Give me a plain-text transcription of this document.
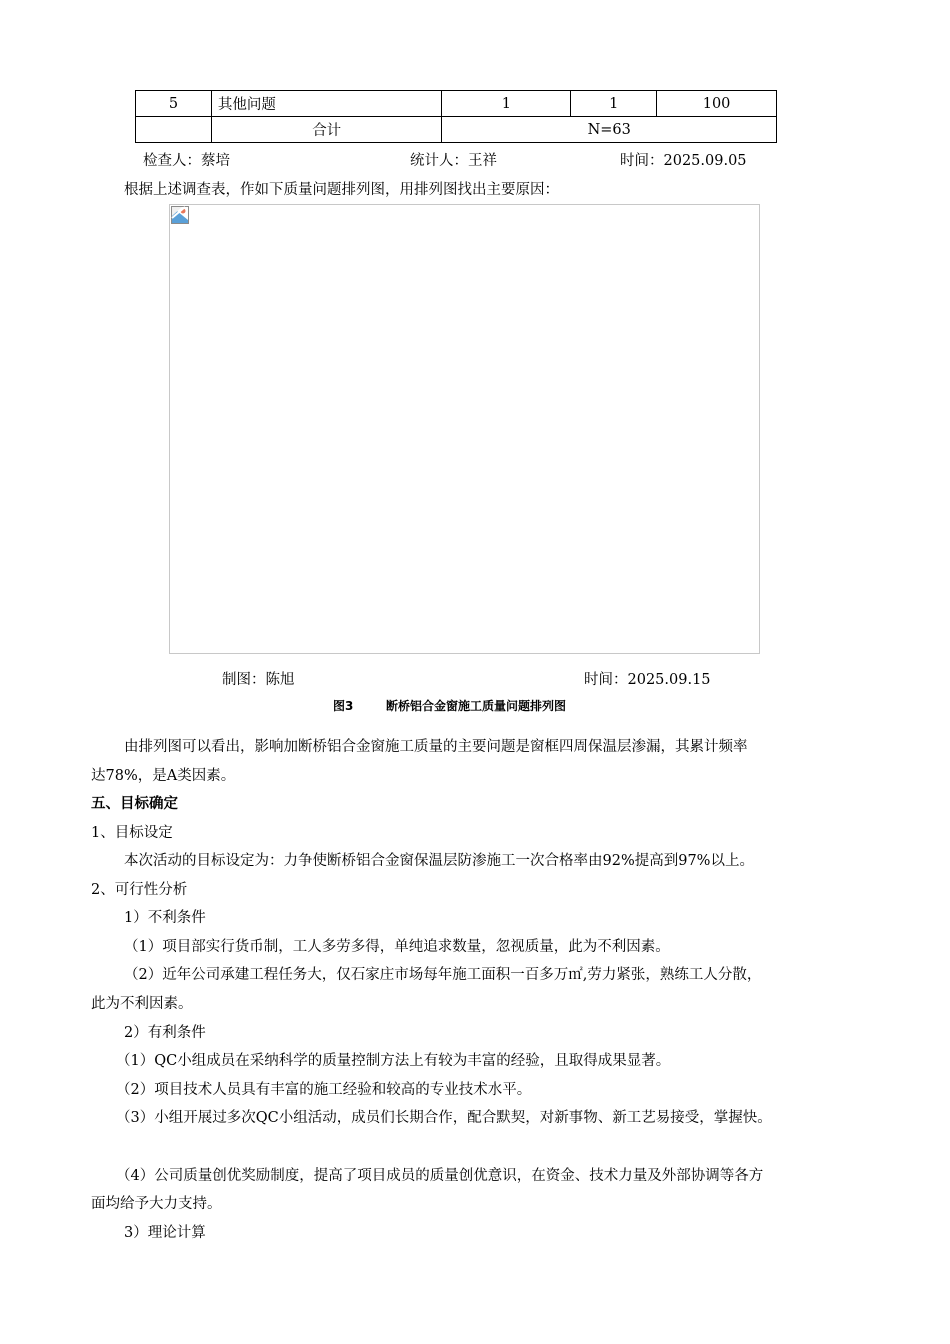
5	其他问题	1	1	100
	合计	N=63		
检查人：蔡培	统计人：王祥	时间：2025.09.05
根据上述调查表，作如下质量问题排列图，用排列图找出主要原因：
制图：陈旭	时间：2025.09.15
图3	断桥铝合金窗施工质量问题排列图
由排列图可以看出，影响加断桥铝合金窗施工质量的主要问题是窗框四周保温层渗漏，其累计频率
达78%，是A类因素。
五、目标确定
1、目标设定
本次活动的目标设定为：力争使断桥铝合金窗保温层防渗施工一次合格率由92%提高到97%以上。
2、可行性分析
1）不利条件
（1）项目部实行货币制，工人多劳多得，单纯追求数量，忽视质量，此为不利因素。
（2）近年公司承建工程任务大，仅石家庄市场每年施工面积一百多万㎡,劳力紧张，熟练工人分散，
此为不利因素。
2）有利条件
（1）QC小组成员在采纳科学的质量控制方法上有较为丰富的经验，且取得成果显著。
（2）项目技术人员具有丰富的施工经验和较高的专业技术水平。
（3）小组开展过多次QC小组活动，成员们长期合作，配合默契，对新事物、新工艺易接受，掌握快。
（4）公司质量创优奖励制度，提高了项目成员的质量创优意识，在资金、技术力量及外部协调等各方
面均给予大力支持。
3）理论计算
